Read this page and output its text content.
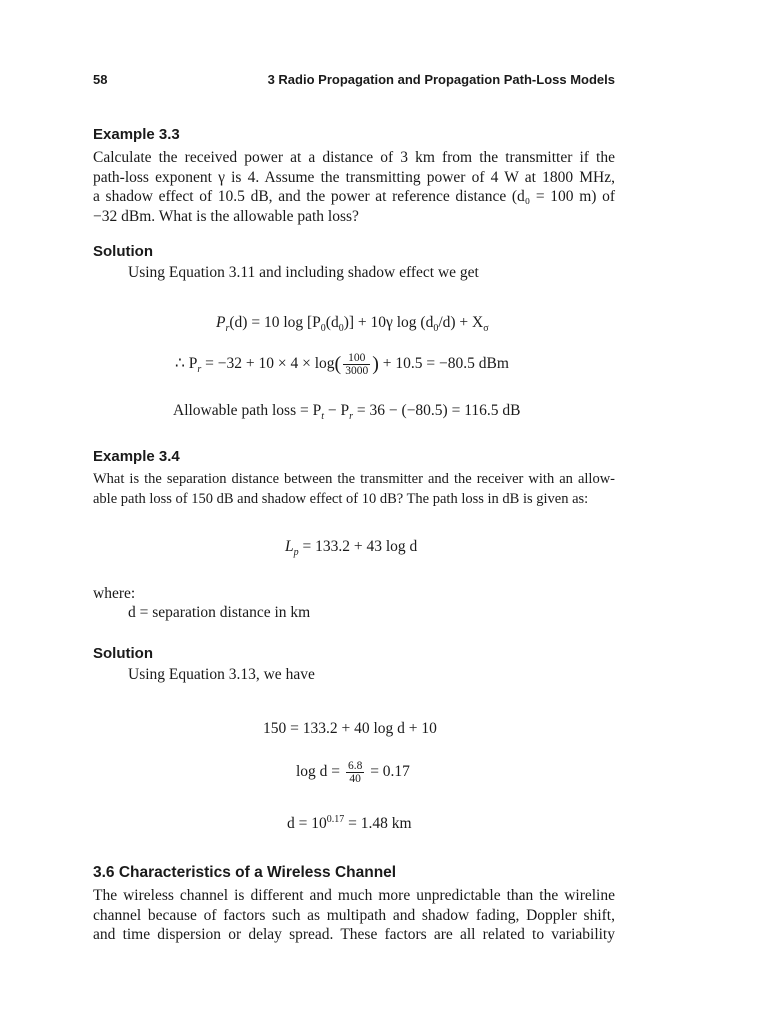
58	3 Radio Propagation and Propagation Path-Loss Models
Example 3.3
Calculate the received power at a distance of 3 km from the transmitter if the
path-loss exponent γ is 4. Assume the transmitting power of 4 W at 1800 MHz,
a shadow effect of 10.5 dB, and the power at reference distance (d₀ = 100 m) of
−32 dBm. What is the allowable path loss?
Solution
Using Equation 3.11 and including shadow effect we get
$P_r(d) = 10$ $\log [P_0(d_0)] + 10\gamma$ $\log (d_0/d) + X_\sigma$
∴ $P_r = -32 + 10 \times 4 \times \log( \frac{100}{3000}$ ) + 10.5 = −80.5 dBm
Allowable path loss = $P_t - P_r = 36 - (-80.5) = 116.5$ dB
Example 3.4
What is the separation distance between the transmitter and the receiver with an allow-
able path loss of 150 dB and shadow effect of 10 dB? The path loss in dB is given as:
$L_p = 133.2 + 43$ log d
where:
d = separation distance in km
Solution
Using Equation 3.13, we have
150 = 133.2 + 40 log d + 10
$\log d = \frac{6.8}{40} = 0.17$
$d = 10^{0.17} = 1.48$ km
3.6 Characteristics of a Wireless Channel
The wireless channel is different and much more unpredictable than the wireline
channel because of factors such as multipath and shadow fading, Doppler shift,
and time dispersion or delay spread. These factors are all related to variability
